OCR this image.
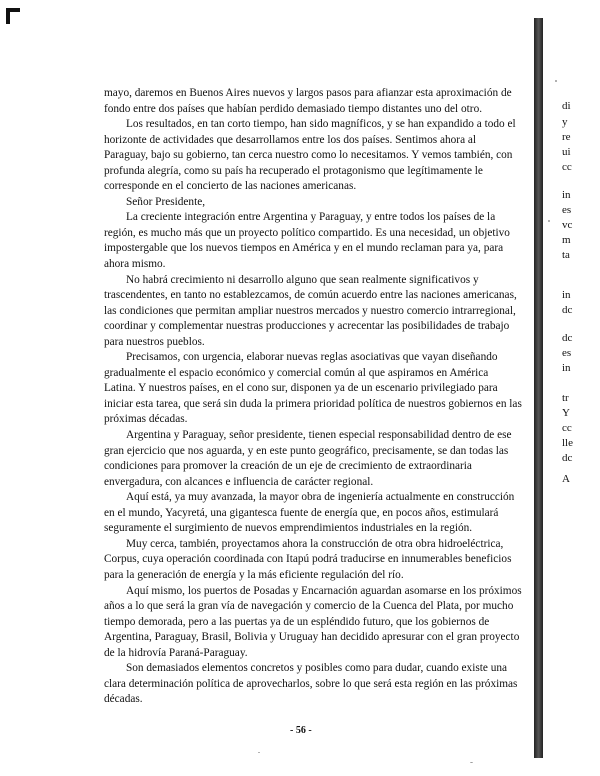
mayo, daremos en Buenos Aires nuevos y largos pasos para afianzar esta aproximación de fondo entre dos países que habían perdido demasiado tiempo distantes uno del otro.

Los resultados, en tan corto tiempo, han sido magníficos, y se han expandido a todo el horizonte de actividades que desarrollamos entre los dos países. Sentimos ahora al Paraguay, bajo su gobierno, tan cerca nuestro como lo necesitamos. Y vemos también, con profunda alegría, como su país ha recuperado el protagonismo que legítimamente le corresponde en el concierto de las naciones americanas.

Señor Presidente,

La creciente integración entre Argentina y Paraguay, y entre todos los países de la región, es mucho más que un proyecto político compartido. Es una necesidad, un objetivo impostergable que los nuevos tiempos en América y en el mundo reclaman para ya, para ahora mismo.

No habrá crecimiento ni desarrollo alguno que sean realmente significativos y trascendentes, en tanto no establezcamos, de común acuerdo entre las naciones americanas, las condiciones que permitan ampliar nuestros mercados y nuestro comercio intrarregional, coordinar y complementar nuestras producciones y acrecentar las posibilidades de trabajo para nuestros pueblos.

Precisamos, con urgencia, elaborar nuevas reglas asociativas que vayan diseñando gradualmente el espacio económico y comercial común al que aspiramos en América Latina. Y nuestros países, en el cono sur, disponen ya de un escenario privilegiado para iniciar esta tarea, que será sin duda la primera prioridad política de nuestros gobiernos en las próximas décadas.

Argentina y Paraguay, señor presidente, tienen especial responsabilidad dentro de ese gran ejercicio que nos aguarda, y en este punto geográfico, precisamente, se dan todas las condiciones para promover la creación de un eje de crecimiento de extraordinaria envergadura, con alcances e influencia de carácter regional.

Aquí está, ya muy avanzada, la mayor obra de ingeniería actualmente en construcción en el mundo, Yacyretá, una gigantesca fuente de energía que, en pocos años, estimulará seguramente el surgimiento de nuevos emprendimientos industriales en la región.

Muy cerca, también, proyectamos ahora la construcción de otra obra hidroeléctrica, Corpus, cuya operación coordinada con Itapú podrá traducirse en innumerables beneficios para la generación de energía y la más eficiente regulación del río.

Aquí mismo, los puertos de Posadas y Encarnación aguardan asomarse en los próximos años a lo que será la gran vía de navegación y comercio de la Cuenca del Plata, por mucho tiempo demorada, pero a las puertas ya de un espléndido futuro, que los gobiernos de Argentina, Paraguay, Brasil, Bolivia y Uruguay han decidido apresurar con el gran proyecto de la hidrovía Paraná-Paraguay.

Son demasiados elementos concretos y posibles como para dudar, cuando existe una clara determinación política de aprovecharlos, sobre lo que será esta región en las próximas décadas.

- 56 -
di
y
re
ui
cc
in
es
vc
m
ta
in
dc
dc
es
in
tr
Y
cc
lle
dc
A
